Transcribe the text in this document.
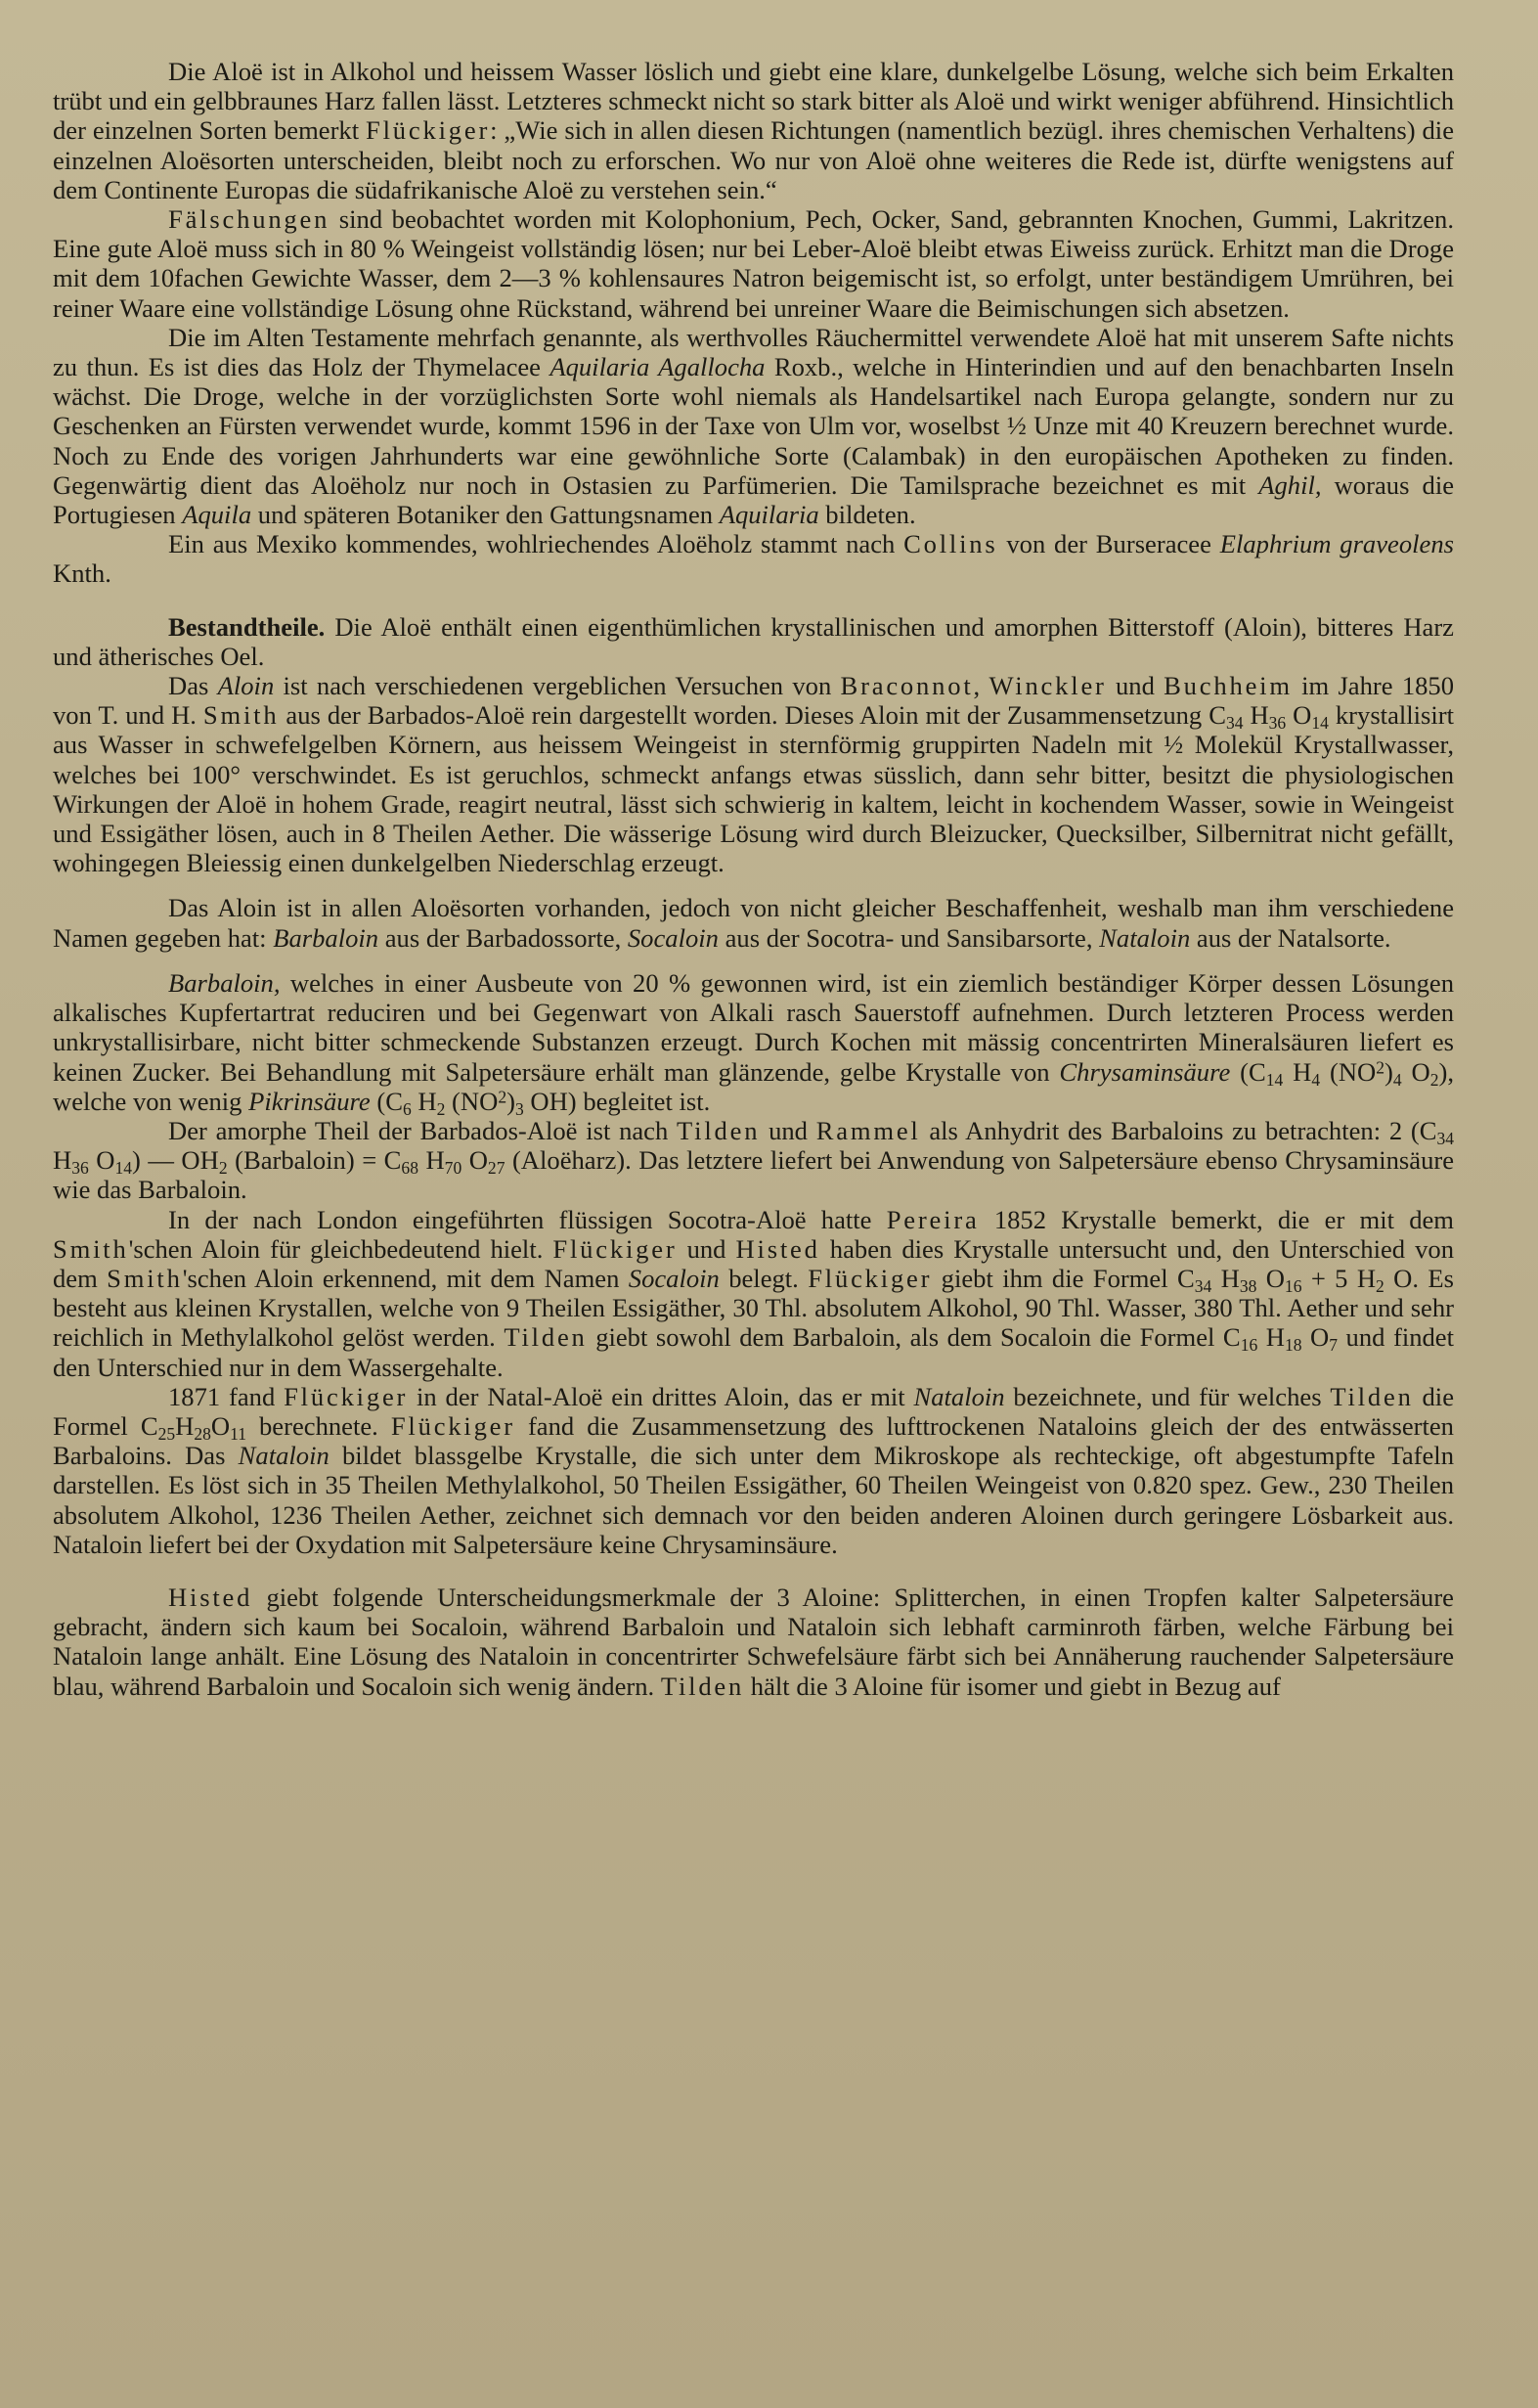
Die Aloë ist in Alkohol und heissem Wasser löslich und giebt eine klare, dunkelgelbe Lösung, welche sich beim Erkalten trübt und ein gelbbraunes Harz fallen lässt. Letzteres schmeckt nicht so stark bitter als Aloë und wirkt weniger abführend. Hinsichtlich der einzelnen Sorten bemerkt Flückiger: „Wie sich in allen diesen Richtungen (namentlich bezügl. ihres chemischen Verhaltens) die einzelnen Aloësorten unterscheiden, bleibt noch zu erforschen. Wo nur von Aloë ohne weiteres die Rede ist, dürfte wenigstens auf dem Continente Europas die südafrikanische Aloë zu verstehen sein.“

Fälschungen sind beobachtet worden mit Kolophonium, Pech, Ocker, Sand, gebrannten Knochen, Gummi, Lakritzen. Eine gute Aloë muss sich in 80 % Weingeist vollständig lösen; nur bei Leber-Aloë bleibt etwas Eiweiss zurück. Erhitzt man die Droge mit dem 10fachen Gewichte Wasser, dem 2—3 % kohlensaures Natron beigemischt ist, so erfolgt, unter beständigem Umrühren, bei reiner Waare eine vollständige Lösung ohne Rückstand, während bei unreiner Waare die Beimischungen sich absetzen.

Die im Alten Testamente mehrfach genannte, als werthvolles Räuchermittel verwendete Aloë hat mit unserem Safte nichts zu thun. Es ist dies das Holz der Thymelacee Aquilaria Agallocha Roxb., welche in Hinterindien und auf den benachbarten Inseln wächst. Die Droge, welche in der vorzüglichsten Sorte wohl niemals als Handelsartikel nach Europa gelangte, sondern nur zu Geschenken an Fürsten verwendet wurde, kommt 1596 in der Taxe von Ulm vor, woselbst ½ Unze mit 40 Kreuzern berechnet wurde. Noch zu Ende des vorigen Jahrhunderts war eine gewöhnliche Sorte (Calambak) in den europäischen Apotheken zu finden. Gegenwärtig dient das Aloëholz nur noch in Ostasien zu Parfümerien. Die Tamilsprache bezeichnet es mit Aghil, woraus die Portugiesen Aquila und späteren Botaniker den Gattungsnamen Aquilaria bildeten.

Ein aus Mexiko kommendes, wohlriechendes Aloëholz stammt nach Collins von der Burseracee Elaphrium graveolens Knth.

Bestandtheile. Die Aloë enthält einen eigenthümlichen krystallinischen und amorphen Bitterstoff (Aloin), bitteres Harz und ätherisches Oel.

Das Aloin ist nach verschiedenen vergeblichen Versuchen von Braconnot, Winckler und Buchheim im Jahre 1850 von T. und H. Smith aus der Barbados-Aloë rein dargestellt worden. Dieses Aloin mit der Zusammensetzung $C_{34}$ $H_{36}$ $O_{14}$ krystallisirt aus Wasser in schwefelgelben Körnern, aus heissem Weingeist in sternförmig gruppirten Nadeln mit ½ Molekül Krystallwasser, welches bei 100° verschwindet. Es ist geruchlos, schmeckt anfangs etwas süsslich, dann sehr bitter, besitzt die physiologischen Wirkungen der Aloë in hohem Grade, reagirt neutral, lässt sich schwierig in kaltem, leicht in kochendem Wasser, sowie in Weingeist und Essigäther lösen, auch in 8 Theilen Aether. Die wässerige Lösung wird durch Bleizucker, Quecksilber, Silbernitrat nicht gefällt, wohingegen Bleiessig einen dunkelgelben Niederschlag erzeugt.

Das Aloin ist in allen Aloësorten vorhanden, jedoch von nicht gleicher Beschaffenheit, weshalb man ihm verschiedene Namen gegeben hat: Barbaloin aus der Barbadossorte, Socaloin aus der Socotra- und Sansibarsorte, Nataloin aus der Natalsorte.

Barbaloin, welches in einer Ausbeute von 20 % gewonnen wird, ist ein ziemlich beständiger Körper dessen Lösungen alkalisches Kupfertartrat reduciren und bei Gegenwart von Alkali rasch Sauerstoff aufnehmen. Durch letzteren Process werden unkrystallisirbare, nicht bitter schmeckende Substanzen erzeugt. Durch Kochen mit mässig concentrirten Mineralsäuren liefert es keinen Zucker. Bei Behandlung mit Salpetersäure erhält man glänzende, gelbe Krystalle von Chrysaminsäure ($C_{14}$ $H_4$ $(NO^2)_4$ $O_2$), welche von wenig Pikrinsäure ($C_6$ $H_2$ $(NO^2)_3$ OH) begleitet ist.

Der amorphe Theil der Barbados-Aloë ist nach Tilden und Rammel als Anhydrit des Barbaloins zu betrachten: 2 ($C_{34}$ $H_{36}$ $O_{14}$) — $OH_2$ (Barbaloin) = $C_{68}$ $H_{70}$ $O_{27}$ (Aloëharz). Das letztere liefert bei Anwendung von Salpetersäure ebenso Chrysaminsäure wie das Barbaloin.

In der nach London eingeführten flüssigen Socotra-Aloë hatte Pereira 1852 Krystalle bemerkt, die er mit dem Smith'schen Aloin für gleichbedeutend hielt. Flückiger und Histed haben dies Krystalle untersucht und, den Unterschied von dem Smith'schen Aloin erkennend, mit dem Namen Socaloin belegt. Flückiger giebt ihm die Formel $C_{34}$ $H_{38}$ $O_{16} + 5$ $H_2$ O. Es besteht aus kleinen Krystallen, welche von 9 Theilen Essigäther, 30 Thl. absolutem Alkohol, 90 Thl. Wasser, 380 Thl. Aether und sehr reichlich in Methylalkohol gelöst werden. Tilden giebt sowohl dem Barbaloin, als dem Socaloin die Formel $C_{16}$ $H_{18}$ $O_7$ und findet den Unterschied nur in dem Wassergehalte.

1871 fand Flückiger in der Natal-Aloë ein drittes Aloin, das er mit Nataloin bezeichnete, und für welches Tilden die Formel $C_{25}H_{28}O_{11}$ berechnete. Flückiger fand die Zusammensetzung des lufttrockenen Nataloins gleich der des entwässerten Barbaloins. Das Nataloin bildet blassgelbe Krystalle, die sich unter dem Mikroskope als rechteckige, oft abgestumpfte Tafeln darstellen. Es löst sich in 35 Theilen Methylalkohol, 50 Theilen Essigäther, 60 Theilen Weingeist von 0.820 spez. Gew., 230 Theilen absolutem Alkohol, 1236 Theilen Aether, zeichnet sich demnach vor den beiden anderen Aloinen durch geringere Lösbarkeit aus. Nataloin liefert bei der Oxydation mit Salpetersäure keine Chrysaminsäure.

Histed giebt folgende Unterscheidungsmerkmale der 3 Aloine: Splitterchen, in einen Tropfen kalter Salpetersäure gebracht, ändern sich kaum bei Socaloin, während Barbaloin und Nataloin sich lebhaft carminroth färben, welche Färbung bei Nataloin lange anhält. Eine Lösung des Nataloin in concentrirter Schwefelsäure färbt sich bei Annäherung rauchender Salpetersäure blau, während Barbaloin und Socaloin sich wenig ändern. Tilden hält die 3 Aloine für isomer und giebt in Bezug auf
